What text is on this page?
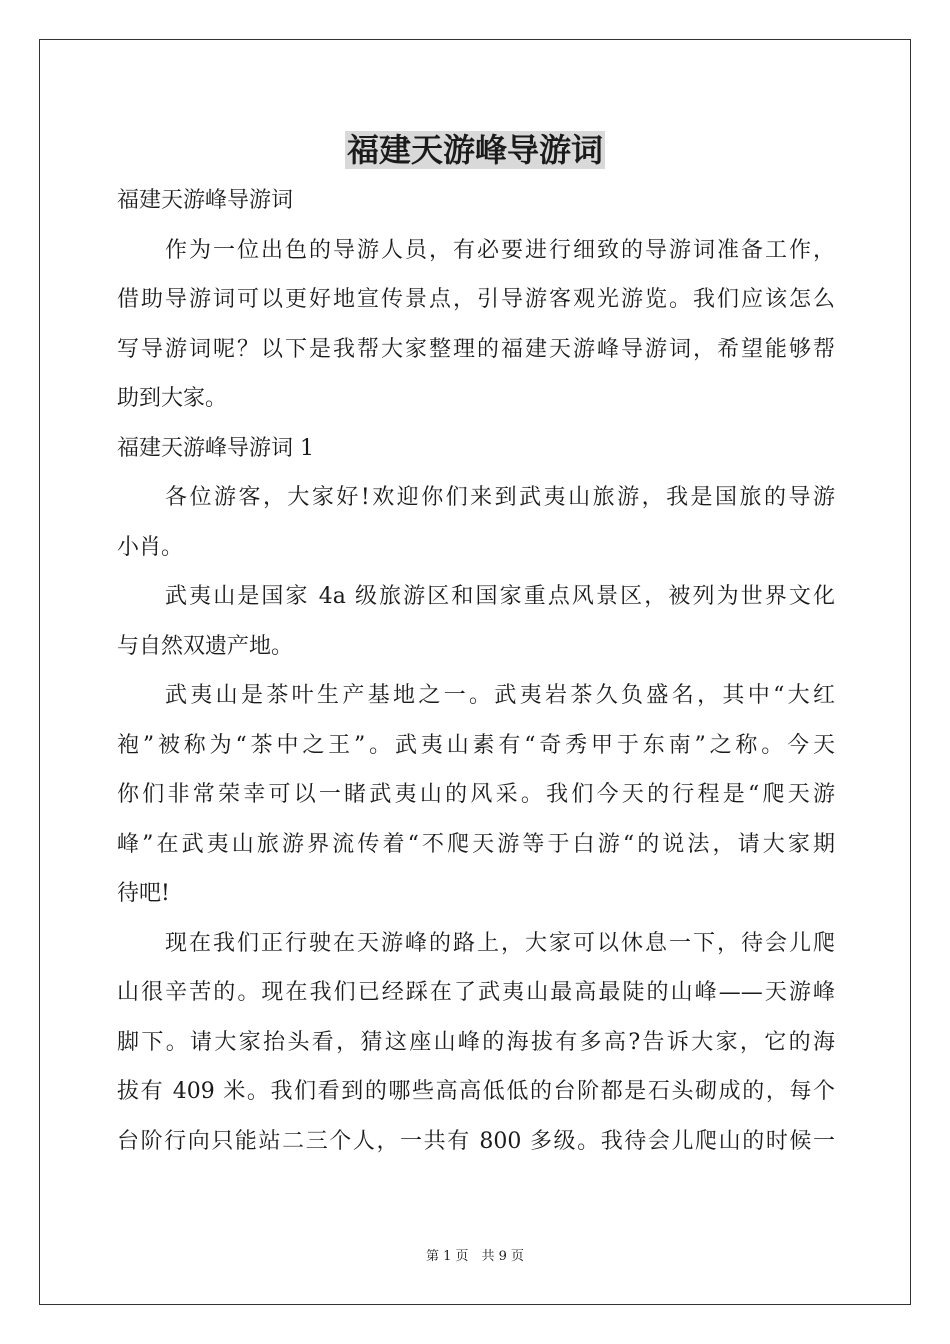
福建天游峰导游词
福建天游峰导游词
作为一位出色的导游人员，有必要进行细致的导游词准备工作，
借助导游词可以更好地宣传景点，引导游客观光游览。我们应该怎么
写导游词呢？以下是我帮大家整理的福建天游峰导游词，希望能够帮
助到大家。
福建天游峰导游词 1
各位游客，大家好!欢迎你们来到武夷山旅游，我是国旅的导游
小肖。
武夷山是国家 4a 级旅游区和国家重点风景区，被列为世界文化
与自然双遗产地。
武夷山是茶叶生产基地之一。武夷岩茶久负盛名，其中“大红
袍”被称为“茶中之王”。武夷山素有“奇秀甲于东南”之称。今天
你们非常荣幸可以一睹武夷山的风采。我们今天的行程是“爬天游
峰”在武夷山旅游界流传着“不爬天游等于白游“的说法，请大家期
待吧!
现在我们正行驶在天游峰的路上，大家可以休息一下，待会儿爬
山很辛苦的。现在我们已经踩在了武夷山最高最陡的山峰——天游峰
脚下。请大家抬头看，猜这座山峰的海拔有多高?告诉大家，它的海
拔有 409 米。我们看到的哪些高高低低的台阶都是石头砌成的，每个
台阶行向只能站二三个人，一共有 800 多级。我待会儿爬山的时候一
第 1 页　共 9 页
